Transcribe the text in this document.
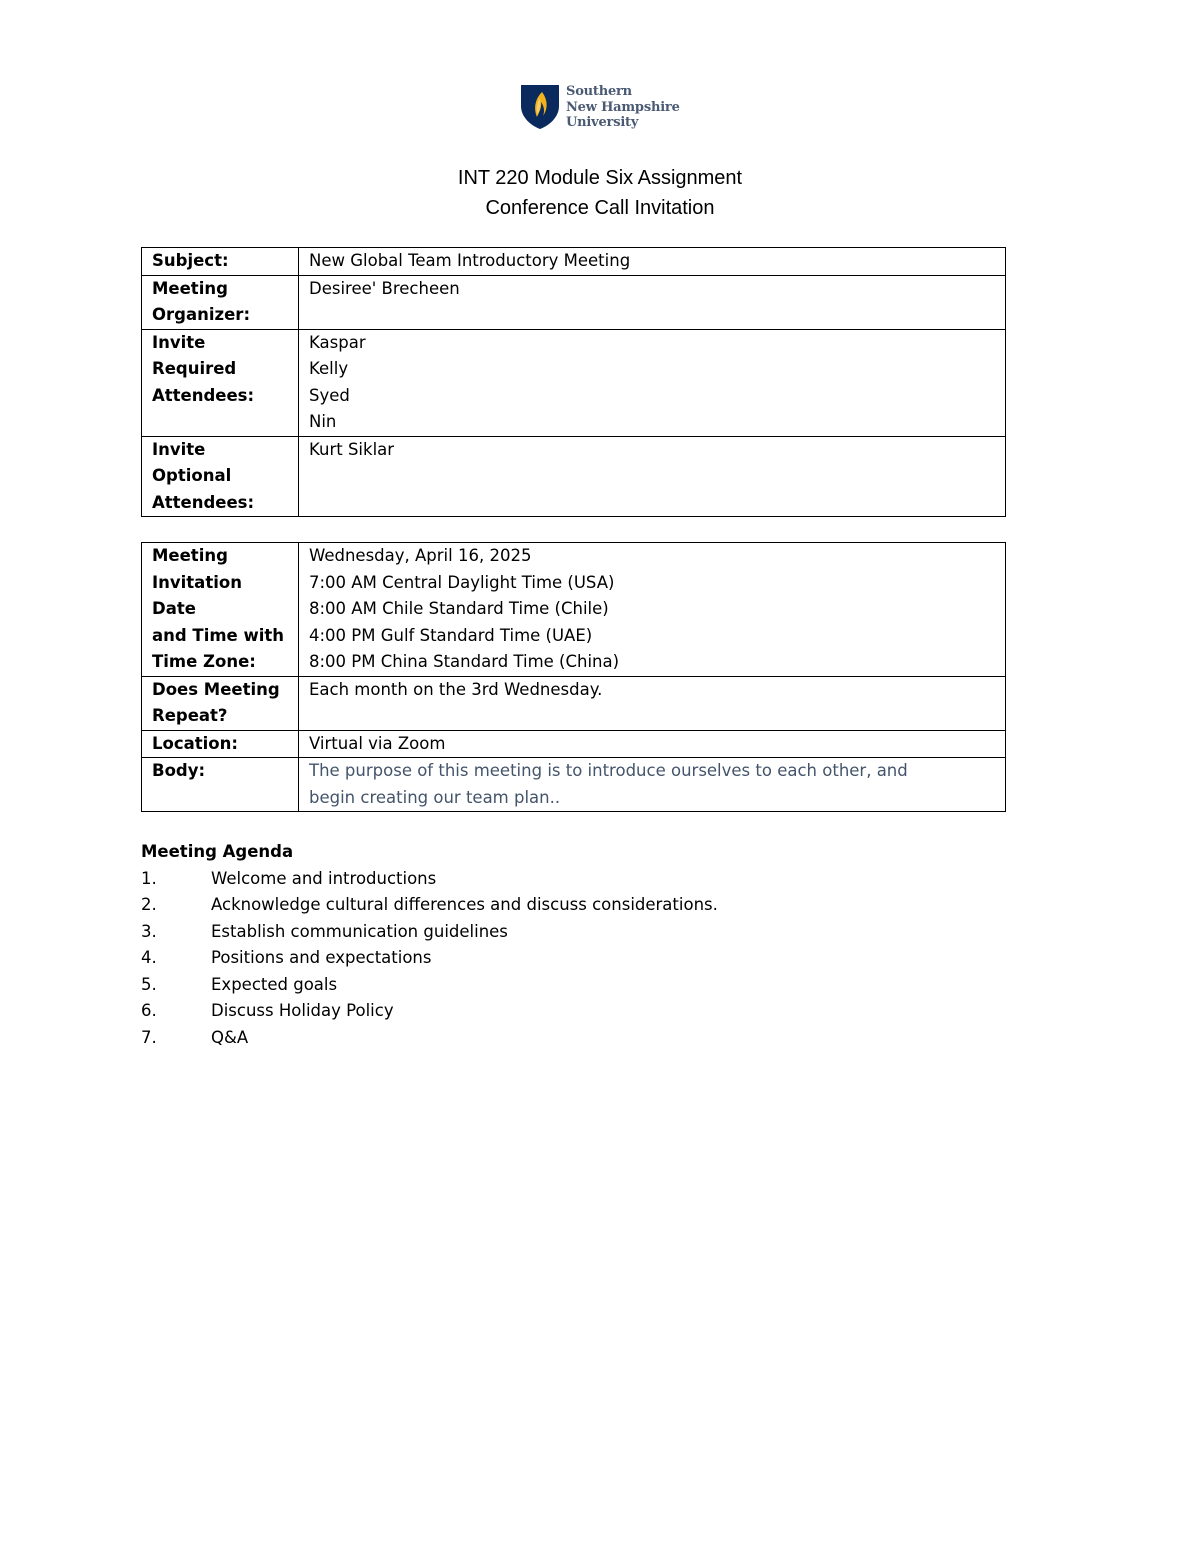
Southern
New Hampshire
University
INT 220 Module Six Assignment
Conference Call Invitation
Subject:	New Global Team Introductory Meeting

Meeting
Organizer:	Desiree' Brecheen

Invite
Required
Attendees:	Kaspar
Kelly
Syed
Nin

Invite Optional
Attendees:	Kurt Siklar
Meeting
Invitation Date
and Time with
Time Zone:	Wednesday, April 16, 2025
7:00 AM Central Daylight Time (USA)
8:00 AM Chile Standard Time (Chile)
4:00 PM Gulf Standard Time (UAE)
8:00 PM China Standard Time (China)

Does Meeting
Repeat?	Each month on the 3rd Wednesday.
Location:	Virtual via Zoom
Body:	The purpose of this meeting is to introduce ourselves to each other, and
begin creating our team plan..
Meeting Agenda
1.	Welcome and introductions
2.	Acknowledge cultural differences and discuss considerations.
3.	Establish communication guidelines
4.	Positions and expectations
5.	Expected goals
6.	Discuss Holiday Policy
7.	Q&A
